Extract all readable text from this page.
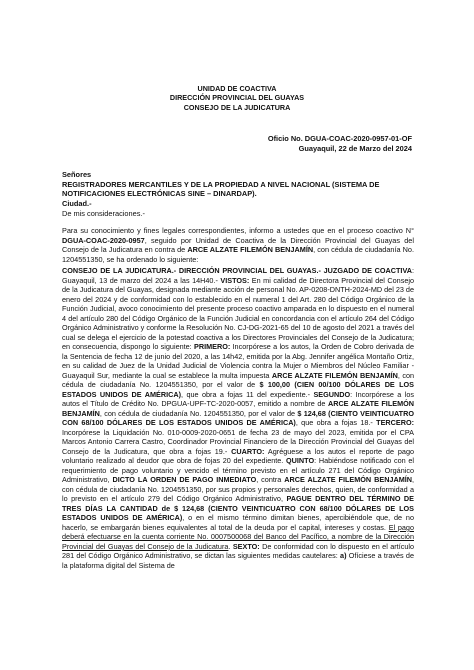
UNIDAD DE COACTIVA
DIRECCIÓN PROVINCIAL DEL GUAYAS
CONSEJO DE LA JUDICATURA
Oficio No. DGUA-COAC-2020-0957-01-OF
Guayaquil, 22 de Marzo del 2024
Señores
REGISTRADORES MERCANTILES Y DE LA PROPIEDAD A NIVEL NACIONAL (SISTEMA DE NOTIFICACIONES ELECTRÓNICAS SINE – DINARDAP).
Ciudad.-
De mis consideraciones.-

Para su conocimiento y fines legales correspondientes, informo a ustedes que en el proceso coactivo N° DGUA-COAC-2020-0957, seguido por Unidad de Coactiva de la Dirección Provincial del Guayas del Consejo de la Judicatura en contra de ARCE ALZATE FILEMÓN BENJAMÍN, con cédula de ciudadanía No. 1204551350, se ha ordenado lo siguiente:

CONSEJO DE LA JUDICATURA.- DIRECCIÓN PROVINCIAL DEL GUAYAS.- JUZGADO DE COACTIVA: Guayaquil, 13 de marzo del 2024 a las 14H40.- VISTOS: En mi calidad de Directora Provincial del Consejo de la Judicatura del Guayas, designada mediante acción de personal No. AP-0208-DNTH-2024-MD del 23 de enero del 2024 y de conformidad con lo establecido en el numeral 1 del Art. 280 del Código Orgánico de la Función Judicial, avoco conocimiento del presente proceso coactivo amparada en lo dispuesto en el numeral 4 del artículo 280 del Código Orgánico de la Función Judicial en concordancia con el artículo 264 del Código Orgánico Administrativo y conforme la Resolución No. CJ-DG-2021-65 del 10 de agosto del 2021 a través del cual se delega el ejercicio de la potestad coactiva a los Directores Provinciales del Consejo de la Judicatura; en consecuencia, dispongo lo siguiente: PRIMERO: Incorpórese a los autos, la Orden de Cobro derivada de la Sentencia de fecha 12 de junio del 2020, a las 14h42, emitida por la Abg. Jennifer angélica Montaño Ortiz, en su calidad de Juez de la Unidad Judicial de Violencia contra la Mujer o Miembros del Núcleo Familiar - Guayaquil Sur, mediante la cual se establece la multa impuesta ARCE ALZATE FILEMÓN BENJAMÍN, con cédula de ciudadanía No. 1204551350, por el valor de $ 100,00 (CIEN 00/100 DÓLARES DE LOS ESTADOS UNIDOS DE AMÉRICA), que obra a fojas 11 del expediente.- SEGUNDO: Incorpórese a los autos el Título de Crédito No. DPGUA-UPF-TC-2020-0057, emitido a nombre de ARCE ALZATE FILEMÓN BENJAMÍN, con cédula de ciudadanía No. 1204551350, por el valor de $ 124,68 (CIENTO VEINTICUATRO CON 68/100 DÓLARES DE LOS ESTADOS UNIDOS DE AMÉRICA), que obra a fojas 18.- TERCERO: Incorpórese la Liquidación No. 010-0009-2020-0651 de fecha 23 de mayo del 2023, emitida por el CPA Marcos Antonio Carrera Castro, Coordinador Provincial Financiero de la Dirección Provincial del Guayas del Consejo de la Judicatura, que obra a fojas 19.- CUARTO: Agréguese a los autos el reporte de pago voluntario realizado al deudor que obra de fojas 20 del expediente. QUINTO: Habiéndose notificado con el requerimiento de pago voluntario y vencido el término previsto en el artículo 271 del Código Orgánico Administrativo, DICTO LA ORDEN DE PAGO INMEDIATO, contra ARCE ALZATE FILEMÓN BENJAMÍN, con cédula de ciudadanía No. 1204551350, por sus propios y personales derechos, quien, de conformidad a lo previsto en el artículo 279 del Código Orgánico Administrativo, PAGUE DENTRO DEL TÉRMINO DE TRES DÍAS LA CANTIDAD de $ 124,68 (CIENTO VEINTICUATRO CON 68/100 DÓLARES DE LOS ESTADOS UNIDOS DE AMÉRICA), o en el mismo término dimitan bienes, apercibiéndole que, de no hacerlo, se embargarán bienes equivalentes al total de la deuda por el capital, intereses y costas. El pago deberá efectuarse en la cuenta corriente No. 0007500068 del Banco del Pacífico, a nombre de la Dirección Provincial del Guayas del Consejo de la Judicatura. SEXTO: De conformidad con lo dispuesto en el artículo 281 del Código Orgánico Administrativo, se dictan las siguientes medidas cautelares: a) Ofíciese a través de la plataforma digital del Sistema de
